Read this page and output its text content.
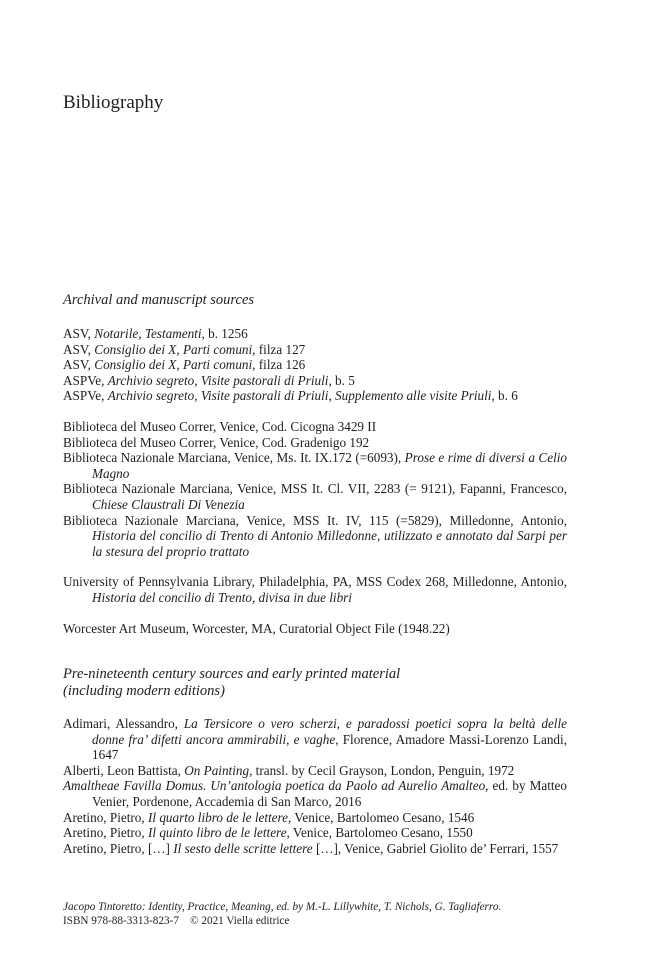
Bibliography
Archival and manuscript sources
ASV, Notarile, Testamenti, b. 1256
ASV, Consiglio dei X, Parti comuni, filza 127
ASV, Consiglio dei X, Parti comuni, filza 126
ASPVe, Archivio segreto, Visite pastorali di Priuli, b. 5
ASPVe, Archivio segreto, Visite pastorali di Priuli, Supplemento alle visite Priuli, b. 6
Biblioteca del Museo Correr, Venice, Cod. Cicogna 3429 II
Biblioteca del Museo Correr, Venice, Cod. Gradenigo 192
Biblioteca Nazionale Marciana, Venice, Ms. It. IX.172 (=6093), Prose e rime di diversi a Celio Magno
Biblioteca Nazionale Marciana, Venice, MSS It. Cl. VII, 2283 (= 9121), Fapanni, Francesco, Chiese Claustrali Di Venezia
Biblioteca Nazionale Marciana, Venice, MSS It. IV, 115 (=5829), Milledonne, Antonio, Historia del concilio di Trento di Antonio Milledonne, utilizzato e annotato dal Sarpi per la stesura del proprio trattato
University of Pennsylvania Library, Philadelphia, PA, MSS Codex 268, Milledonne, Antonio, Historia del concilio di Trento, divisa in due libri
Worcester Art Museum, Worcester, MA, Curatorial Object File (1948.22)
Pre-nineteenth century sources and early printed material (including modern editions)
Adimari, Alessandro, La Tersicore o vero scherzi, e paradossi poetici sopra la beltà delle donne fra’ difetti ancora ammirabili, e vaghe, Florence, Amadore Massi-Lorenzo Landi, 1647
Alberti, Leon Battista, On Painting, transl. by Cecil Grayson, London, Penguin, 1972
Amaltheae Favilla Domus. Un’antologia poetica da Paolo ad Aurelio Amalteo, ed. by Matteo Venier, Pordenone, Accademia di San Marco, 2016
Aretino, Pietro, Il quarto libro de le lettere, Venice, Bartolomeo Cesano, 1546
Aretino, Pietro, Il quinto libro de le lettere, Venice, Bartolomeo Cesano, 1550
Aretino, Pietro, […] Il sesto delle scritte lettere […], Venice, Gabriel Giolito de’ Ferrari, 1557
Jacopo Tintoretto: Identity, Practice, Meaning, ed. by M.-L. Lillywhite, T. Nichols, G. Tagliaferro.
ISBN 978-88-3313-823-7    © 2021 Viella editrice
